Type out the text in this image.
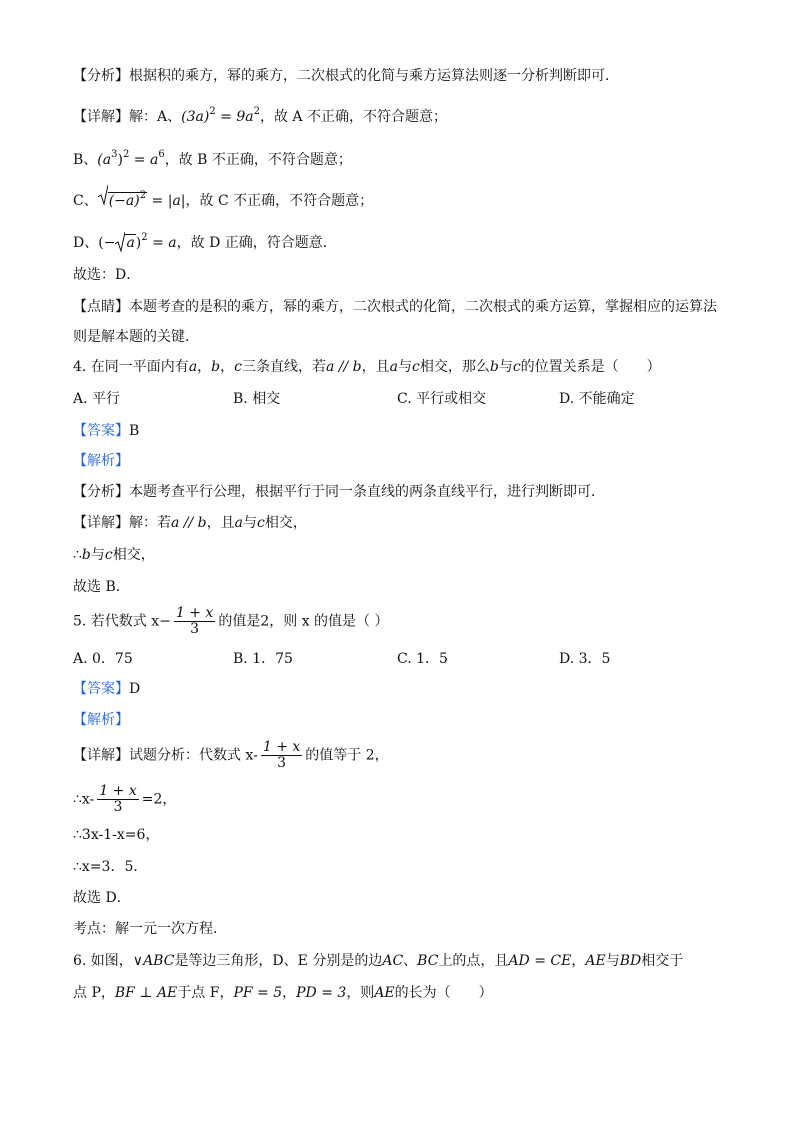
【分析】根据积的乘方，幂的乘方，二次根式的化简与乘方运算法则逐一分析判断即可．
【详解】解：A、$(3a)^2 = 9a^2$，故 A 不正确，不符合题意；
B、$(a^3)^2 = a^6$，故 B 不正确，不符合题意；
C、 $(-a)^2 = |a|$，故 C 不正确，不符合题意；
D、(− a)$^2$ = a，故 D 正确，符合题意．
故选：D．
【点睛】本题考查的是积的乘方，幂的乘方，二次根式的化简，二次根式的乘方运算，掌握相应的运算法
则是解本题的关键．
4. 在同一平面内有a，b，c三条直线，若a // b，且a与c相交，那么b与c的位置关系是（　　）
A. 平行	B. 相交	C. 平行或相交	D. 不能确定
【答案】B
【解析】
【分析】本题考查平行公理，根据平行于同一条直线的两条直线平行，进行判断即可．
【详解】解：若a // b，且a与c相交，
∴b与c相交，
故选 B．
5. 若代数式 $x- \frac{1 + x}{3}$ 的值是2，则 x 的值是（ ）
A. 0．75	B. 1．75	C. 1．5	D. 3．5
【答案】D
【解析】
【详解】试题分析：代数式 $x- \frac{1 + x}{3}$ 的值等于 2，
∴x- $\frac{1 + x}{3} =2$，
∴3x-1-x=6，
∴x=3．5．
故选 D．
考点：解一元一次方程．
6. 如图，∨ABC是等边三角形，D、E 分别是的边AC、BC上的点，且AD = CE，AE与BD相交于
点 P，BF ⊥ AE于点 F，PF = 5，PD = 3，则AE的长为（　　）
